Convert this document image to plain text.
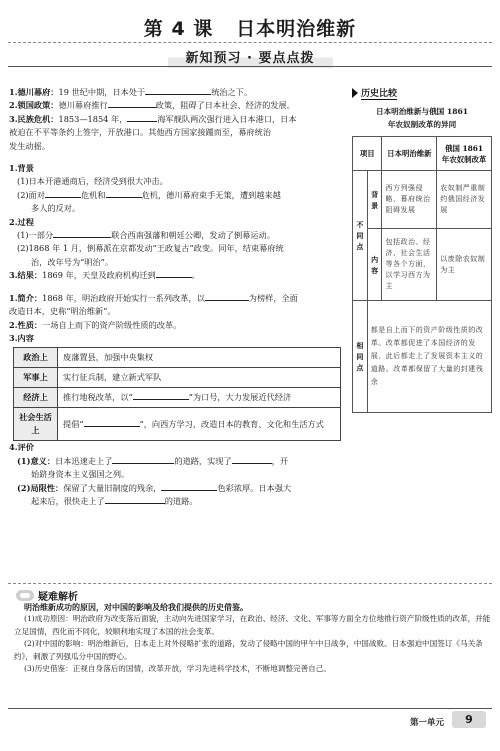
第 4 课 日本明治维新
新知预习 · 要点点拨

1.德川幕府：19 世纪中期，日本处于	统治之下。

2.锁国政策：德川幕府推行	政策，阻碍了日本社会、经济的发展。

3.民族危机：1853—1854 年，	海军舰队两次强行进入日本港口，日本

被迫在不平等条约上签字，开放港口。其他西方国家接踵而至，幕府统治

发生动摇。

1.背景

(1)日本开港通商后，经济受到很大冲击。

(2)面对	危机和	危机，德川幕府束手无策，遭到越来越

多人的反对。

2.过程

(1)一部分	联合西南强藩和朝廷公卿，发动了倒幕运动。

(2)1868 年 1 月，倒幕派在京都发动“王政复古”政变。同年，结束幕府统

治，改年号为“明治”。

3.结果：1869 年，天皇及政府机构迁到	。

1.简介：1868 年，明治政府开始实行一系列改革，以	为榜样，全面

改造日本，史称“明治维新”。

2.性质：一场自上而下的资产阶级性质的改革。

3.内容

政治上	废藩置县，加强中央集权
军事上	实行征兵制，建立新式军队
经济上	推行地税改革，以“ ”为口号，大力发展近代经济
社会生活上	提倡“ ”，向西方学习，改造日本的教育、文化和生活方式

4.评价

(1)意义：日本迅速走上了	的道路，实现了	，开

始跻身资本主义强国之列。

(2)局限性：保留了大量旧制度的残余，	色彩浓厚。日本强大

起来后，很快走上了	的道路。

历史比较
日本明治维新与俄国 1861
年农奴制改革的异同
项目		日本明治维新	俄国 1861 年农奴制改革
不同点	背景	西方列强侵略，幕府统治阻碍发展	农奴制严重制约俄国经济发展
	内容	包括政治、经济、社会生活等各个方面，以学习西方为主	以废除农奴制为主
相同点	都是自上而下的资产阶级性质的改革。改革都促进了本国经济的发展，此后都走上了发展资本主义的道路。改革都保留了大量的封建残余		
疑难解析
明治维新成功的原因，对中国的影响及给我们提供的历史借鉴。

(1)成功原因：明治政府为改变落后面貌，主动向先进国家学习，在政治、经济、文化、军事等方面全方位地推行资产阶级性质的改革，并能立足国情，西化而不同化，较顺利地实现了本国的社会变革。

(2)对中国的影响：明治维新后，日本走上对外侵略扩张的道路，发动了侵略中国的甲午中日战争，中国战败。日本强迫中国签订《马关条约》，刺激了列强瓜分中国的野心。

(3)历史借鉴：正视自身落后的国情，改革开放，学习先进科学技术，不断地调整完善自己。

第一单元	9
